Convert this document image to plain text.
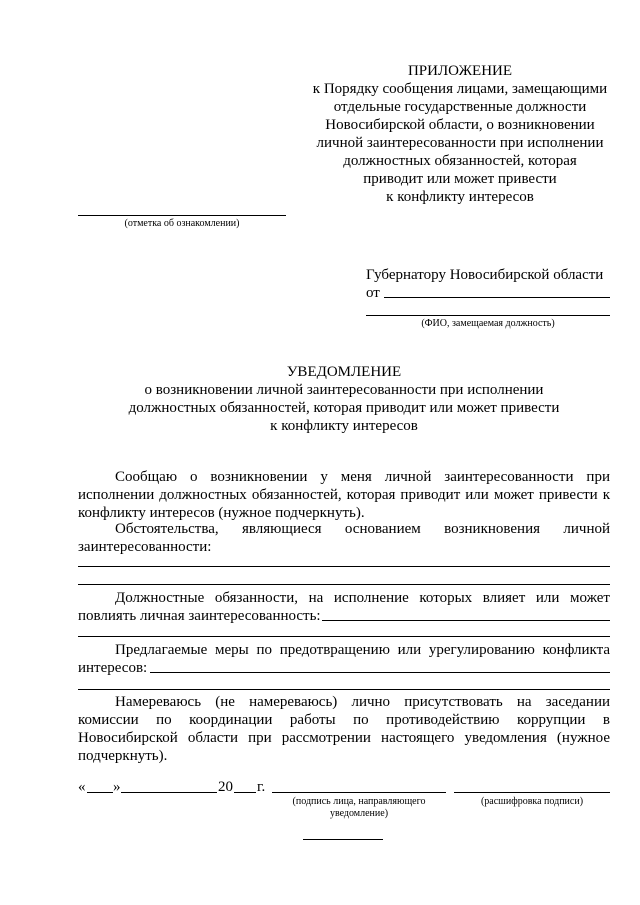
ПРИЛОЖЕНИЕ
к Порядку сообщения лицами, замещающими
отдельные государственные должности
Новосибирской области, о возникновении
личной заинтересованности при исполнении
должностных обязанностей, которая
приводит или может привести
к конфликту интересов
(отметка об ознакомлении)
Губернатору Новосибирской области
от
(ФИО, замещаемая должность)
УВЕДОМЛЕНИЕ
о возникновении личной заинтересованности при исполнении
должностных обязанностей, которая приводит или может привести
к конфликту интересов
Сообщаю о возникновении у меня личной заинтересованности при исполнении должностных обязанностей, которая приводит или может привести к конфликту интересов (нужное подчеркнуть).
Обстоятельства, являющиеся основанием возникновения личной заинтересованности:
Должностные обязанности, на исполнение которых влияет или может повлиять личная заинтересованность:
Предлагаемые меры по предотвращению или урегулированию конфликта интересов:
Намереваюсь (не намереваюсь) лично присутствовать на заседании комиссии по координации работы по противодействию коррупции в Новосибирской области при рассмотрении настоящего уведомления (нужное подчеркнуть).
« »	20 г.
(подпись лица, направляющего уведомление)
(расшифровка подписи)
